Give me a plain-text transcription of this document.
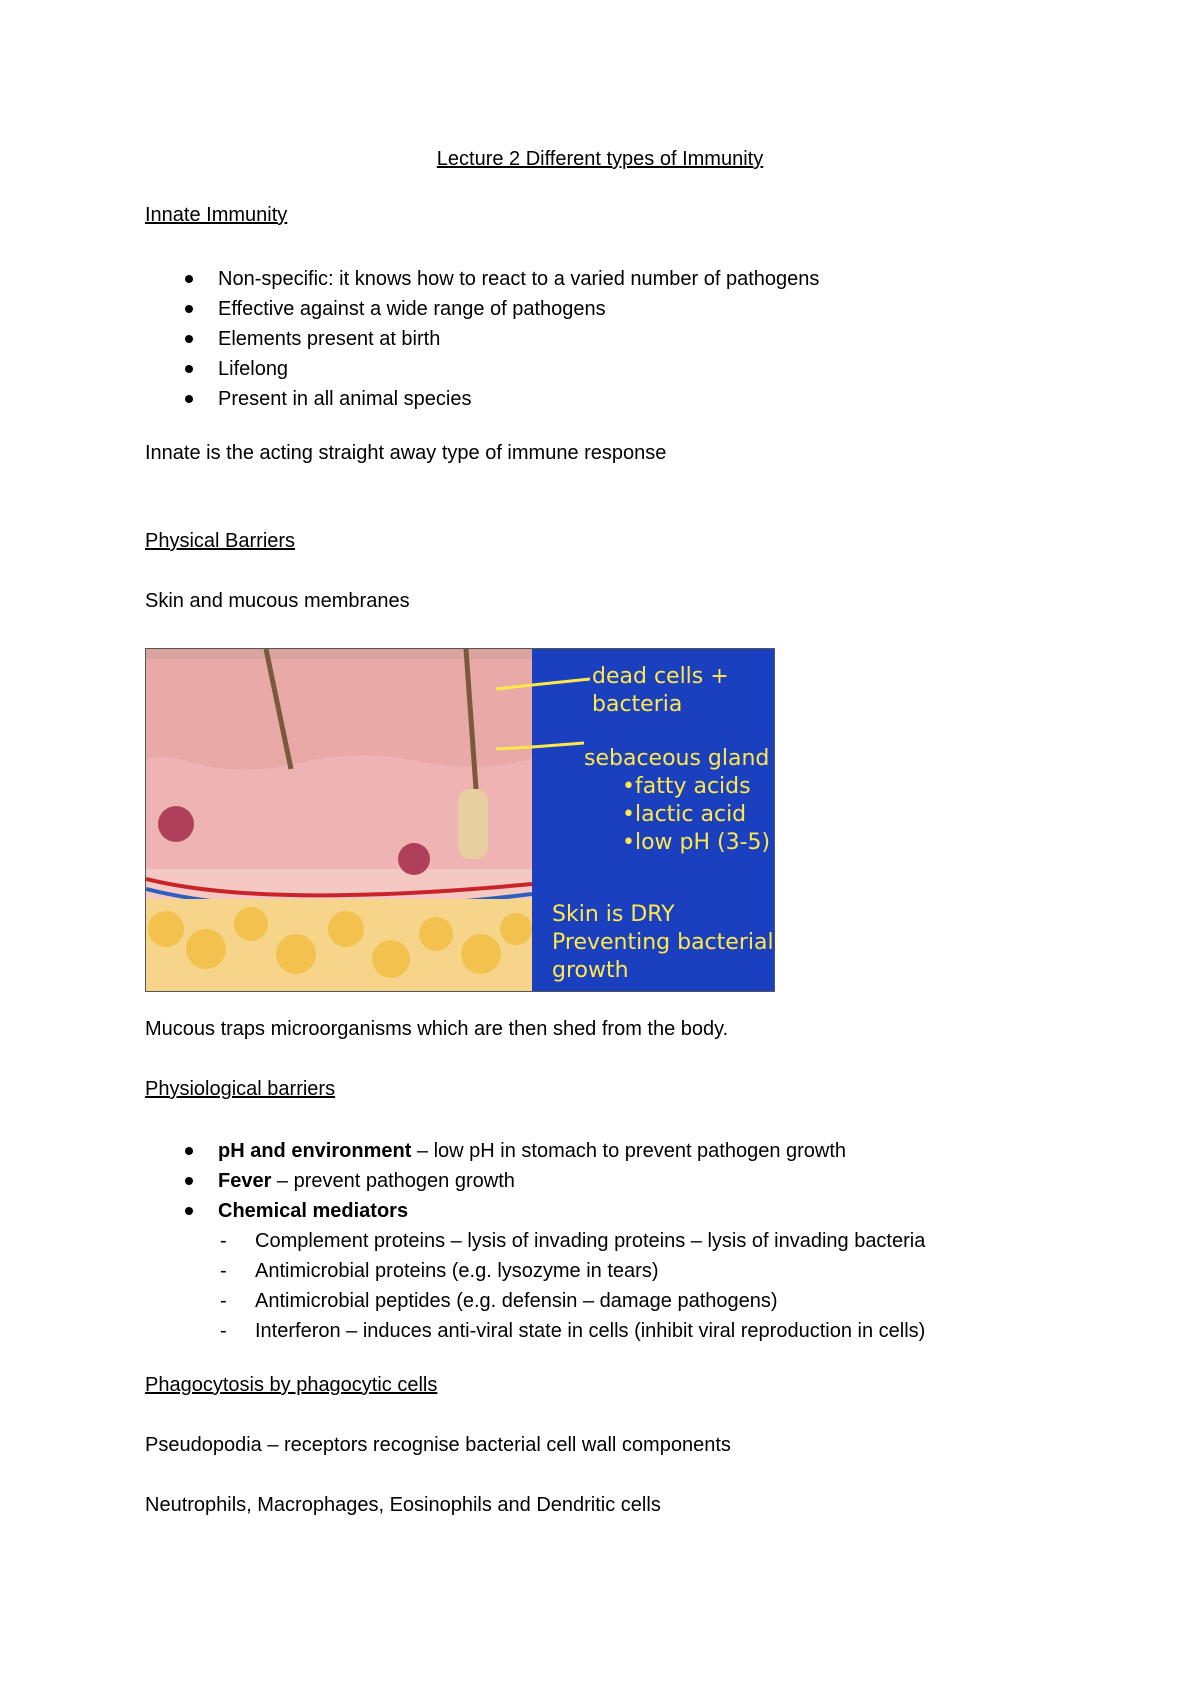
Lecture 2 Different types of Immunity
Innate Immunity
Non-specific: it knows how to react to a varied number of pathogens
Effective against a wide range of pathogens
Elements present at birth
Lifelong
Present in all animal species
Innate is the acting straight away type of immune response
Physical Barriers
Skin and mucous membranes
dead cells +
bacteria
sebaceous gland
•fatty acids
•lactic acid
•low pH (3-5)
Skin is DRY
Preventing bacterial
growth
Mucous traps microorganisms which are then shed from the body.
Physiological barriers
pH and environment – low pH in stomach to prevent pathogen growth
Fever – prevent pathogen growth
Chemical mediators
- Complement proteins – lysis of invading proteins – lysis of invading bacteria
- Antimicrobial proteins (e.g. lysozyme in tears)
- Antimicrobial peptides (e.g. defensin – damage pathogens)
- Interferon – induces anti-viral state in cells (inhibit viral reproduction in cells)
Phagocytosis by phagocytic cells
Pseudopodia – receptors recognise bacterial cell wall components
Neutrophils, Macrophages, Eosinophils and Dendritic cells
